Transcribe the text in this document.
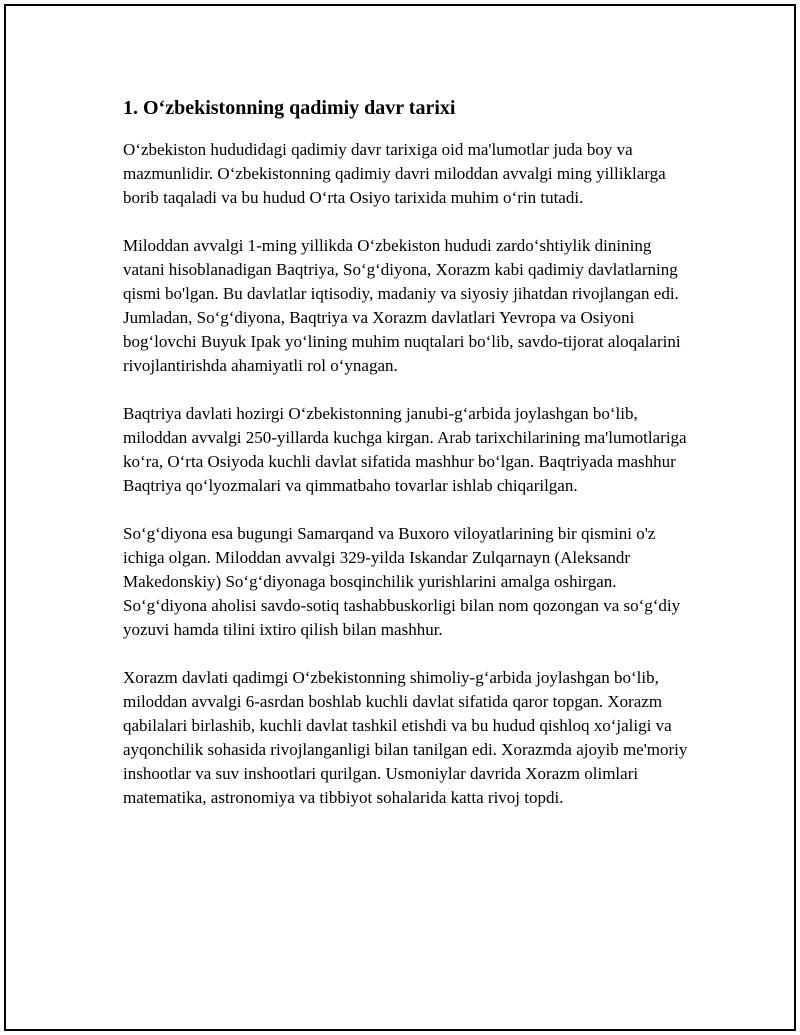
1. O‘zbekistonning qadimiy davr tarixi

O‘zbekiston hududidagi qadimiy davr tarixiga oid ma'lumotlar juda boy va mazmunlidir. O‘zbekistonning qadimiy davri miloddan avvalgi ming yilliklarga borib taqaladi va bu hudud O‘rta Osiyo tarixida muhim o‘rin tutadi.

Miloddan avvalgi 1-ming yillikda O‘zbekiston hududi zardo‘shtiylik dinining vatani hisoblanadigan Baqtriya, So‘g‘diyona, Xorazm kabi qadimiy davlatlarning qismi bo'lgan. Bu davlatlar iqtisodiy, madaniy va siyosiy jihatdan rivojlangan edi. Jumladan, So‘g‘diyona, Baqtriya va Xorazm davlatlari Yevropa va Osiyoni bog‘lovchi Buyuk Ipak yo‘lining muhim nuqtalari bo‘lib, savdo-tijorat aloqalarini rivojlantirishda ahamiyatli rol o‘ynagan.

Baqtriya davlati hozirgi O‘zbekistonning janubi-g‘arbida joylashgan bo‘lib, miloddan avvalgi 250-yillarda kuchga kirgan. Arab tarixchilarining ma'lumotlariga ko‘ra, O‘rta Osiyoda kuchli davlat sifatida mashhur bo‘lgan. Baqtriyada mashhur Baqtriya qo‘lyozmalari va qimmatbaho tovarlar ishlab chiqarilgan.

So‘g‘diyona esa bugungi Samarqand va Buxoro viloyatlarining bir qismini o'z ichiga olgan. Miloddan avvalgi 329-yilda Iskandar Zulqarnayn (Aleksandr Makedonskiy) So‘g‘diyonaga bosqinchilik yurishlarini amalga oshirgan. So‘g‘diyona aholisi savdo-sotiq tashabbuskorligi bilan nom qozongan va so‘g‘diy yozuvi hamda tilini ixtiro qilish bilan mashhur.

Xorazm davlati qadimgi O‘zbekistonning shimoliy-g‘arbida joylashgan bo‘lib, miloddan avvalgi 6-asrdan boshlab kuchli davlat sifatida qaror topgan. Xorazm qabilalari birlashib, kuchli davlat tashkil etishdi va bu hudud qishloq xo‘jaligi va ayqonchilik sohasida rivojlanganligi bilan tanilgan edi. Xorazmda ajoyib me'moriy inshootlar va suv inshootlari qurilgan. Usmoniylar davrida Xorazm olimlari matematika, astronomiya va tibbiyot sohalarida katta rivoj topdi.
